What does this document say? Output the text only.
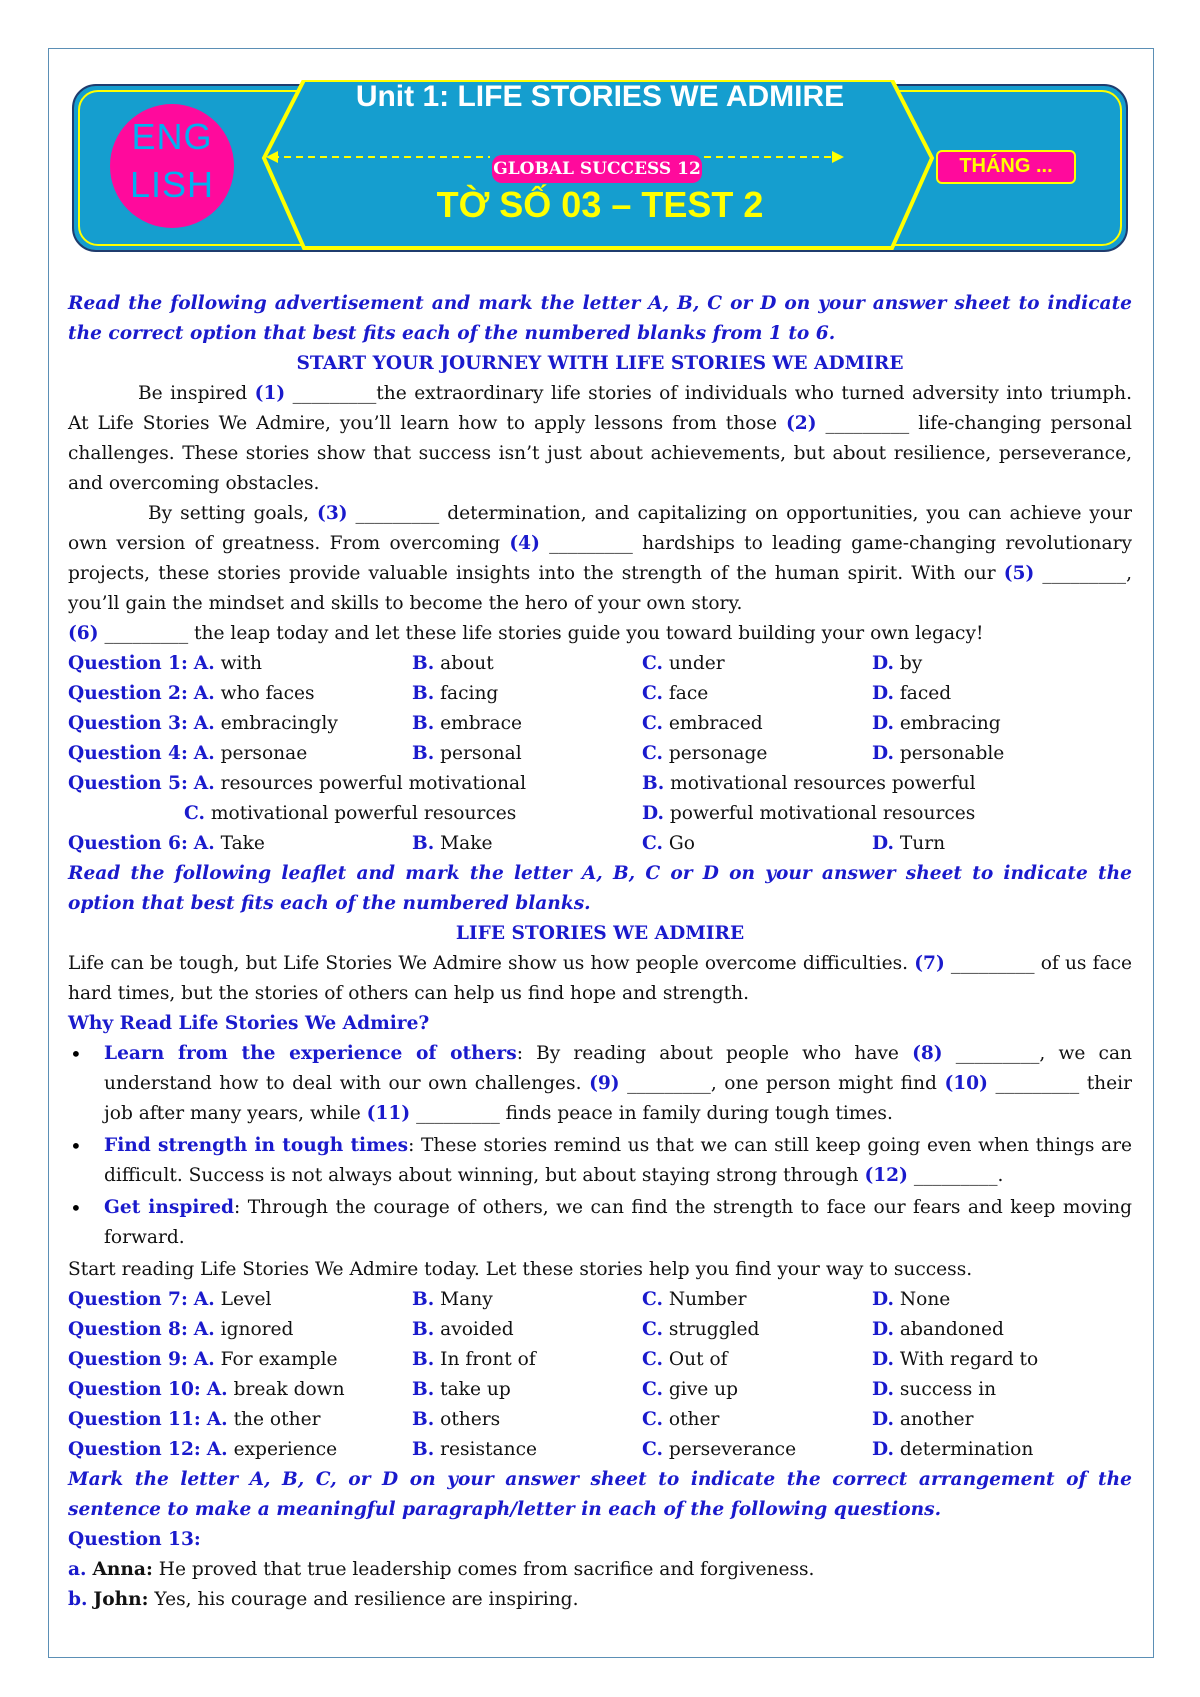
ENG
LISH
Unit 1: LIFE STORIES WE ADMIRE
GLOBAL SUCCESS 12
TỜ SỐ 03 – TEST 2
THÁNG ...

Read the following advertisement and mark the letter A, B, C or D on your answer sheet to indicate the correct option that best fits each of the numbered blanks from 1 to 6.

START YOUR JOURNEY WITH LIFE STORIES WE ADMIRE

Be inspired (1) _________the extraordinary life stories of individuals who turned adversity into triumph. At Life Stories We Admire, you’ll learn how to apply lessons from those (2) _________ life-changing personal challenges. These stories show that success isn’t just about achievements, but about resilience, perseverance, and overcoming obstacles.

By setting goals, (3) _________ determination, and capitalizing on opportunities, you can achieve your own version of greatness. From overcoming (4) _________ hardships to leading game-changing revolutionary projects, these stories provide valuable insights into the strength of the human spirit. With our (5) _________, you’ll gain the mindset and skills to become the hero of your own story.

(6) _________ the leap today and let these life stories guide you toward building your own legacy!

Question 1: A. with	B. about	C. under	D. by
Question 2: A. who faces	B. facing	C. face	D. faced
Question 3: A. embracingly	B. embrace	C. embraced	D. embracing
Question 4: A. personae	B. personal	C. personage	D. personable
Question 5: A. resources powerful motivational	B. motivational resources powerful
C. motivational powerful resources	D. powerful motivational resources
Question 6: A. Take	B. Make	C. Go	D. Turn

Read the following leaflet and mark the letter A, B, C or D on your answer sheet to indicate the option that best fits each of the numbered blanks.

LIFE STORIES WE ADMIRE

Life can be tough, but Life Stories We Admire show us how people overcome difficulties. (7) _________ of us face hard times, but the stories of others can help us find hope and strength.

Why Read Life Stories We Admire?

• Learn from the experience of others: By reading about people who have (8) _________, we can understand how to deal with our own challenges. (9) _________, one person might find (10) _________ their job after many years, while (11) _________ finds peace in family during tough times.
• Find strength in tough times: These stories remind us that we can still keep going even when things are difficult. Success is not always about winning, but about staying strong through (12) _________.
• Get inspired: Through the courage of others, we can find the strength to face our fears and keep moving forward.

Start reading Life Stories We Admire today. Let these stories help you find your way to success.

Question 7: A. Level	B. Many	C. Number	D. None
Question 8: A. ignored	B. avoided	C. struggled	D. abandoned
Question 9: A. For example	B. In front of	C. Out of	D. With regard to
Question 10: A. break down	B. take up	C. give up	D. success in
Question 11: A. the other	B. others	C. other	D. another
Question 12: A. experience	B. resistance	C. perseverance	D. determination

Mark the letter A, B, C, or D on your answer sheet to indicate the correct arrangement of the sentence to make a meaningful paragraph/letter in each of the following questions.

Question 13:

a. Anna: He proved that true leadership comes from sacrifice and forgiveness.

b. John: Yes, his courage and resilience are inspiring.
